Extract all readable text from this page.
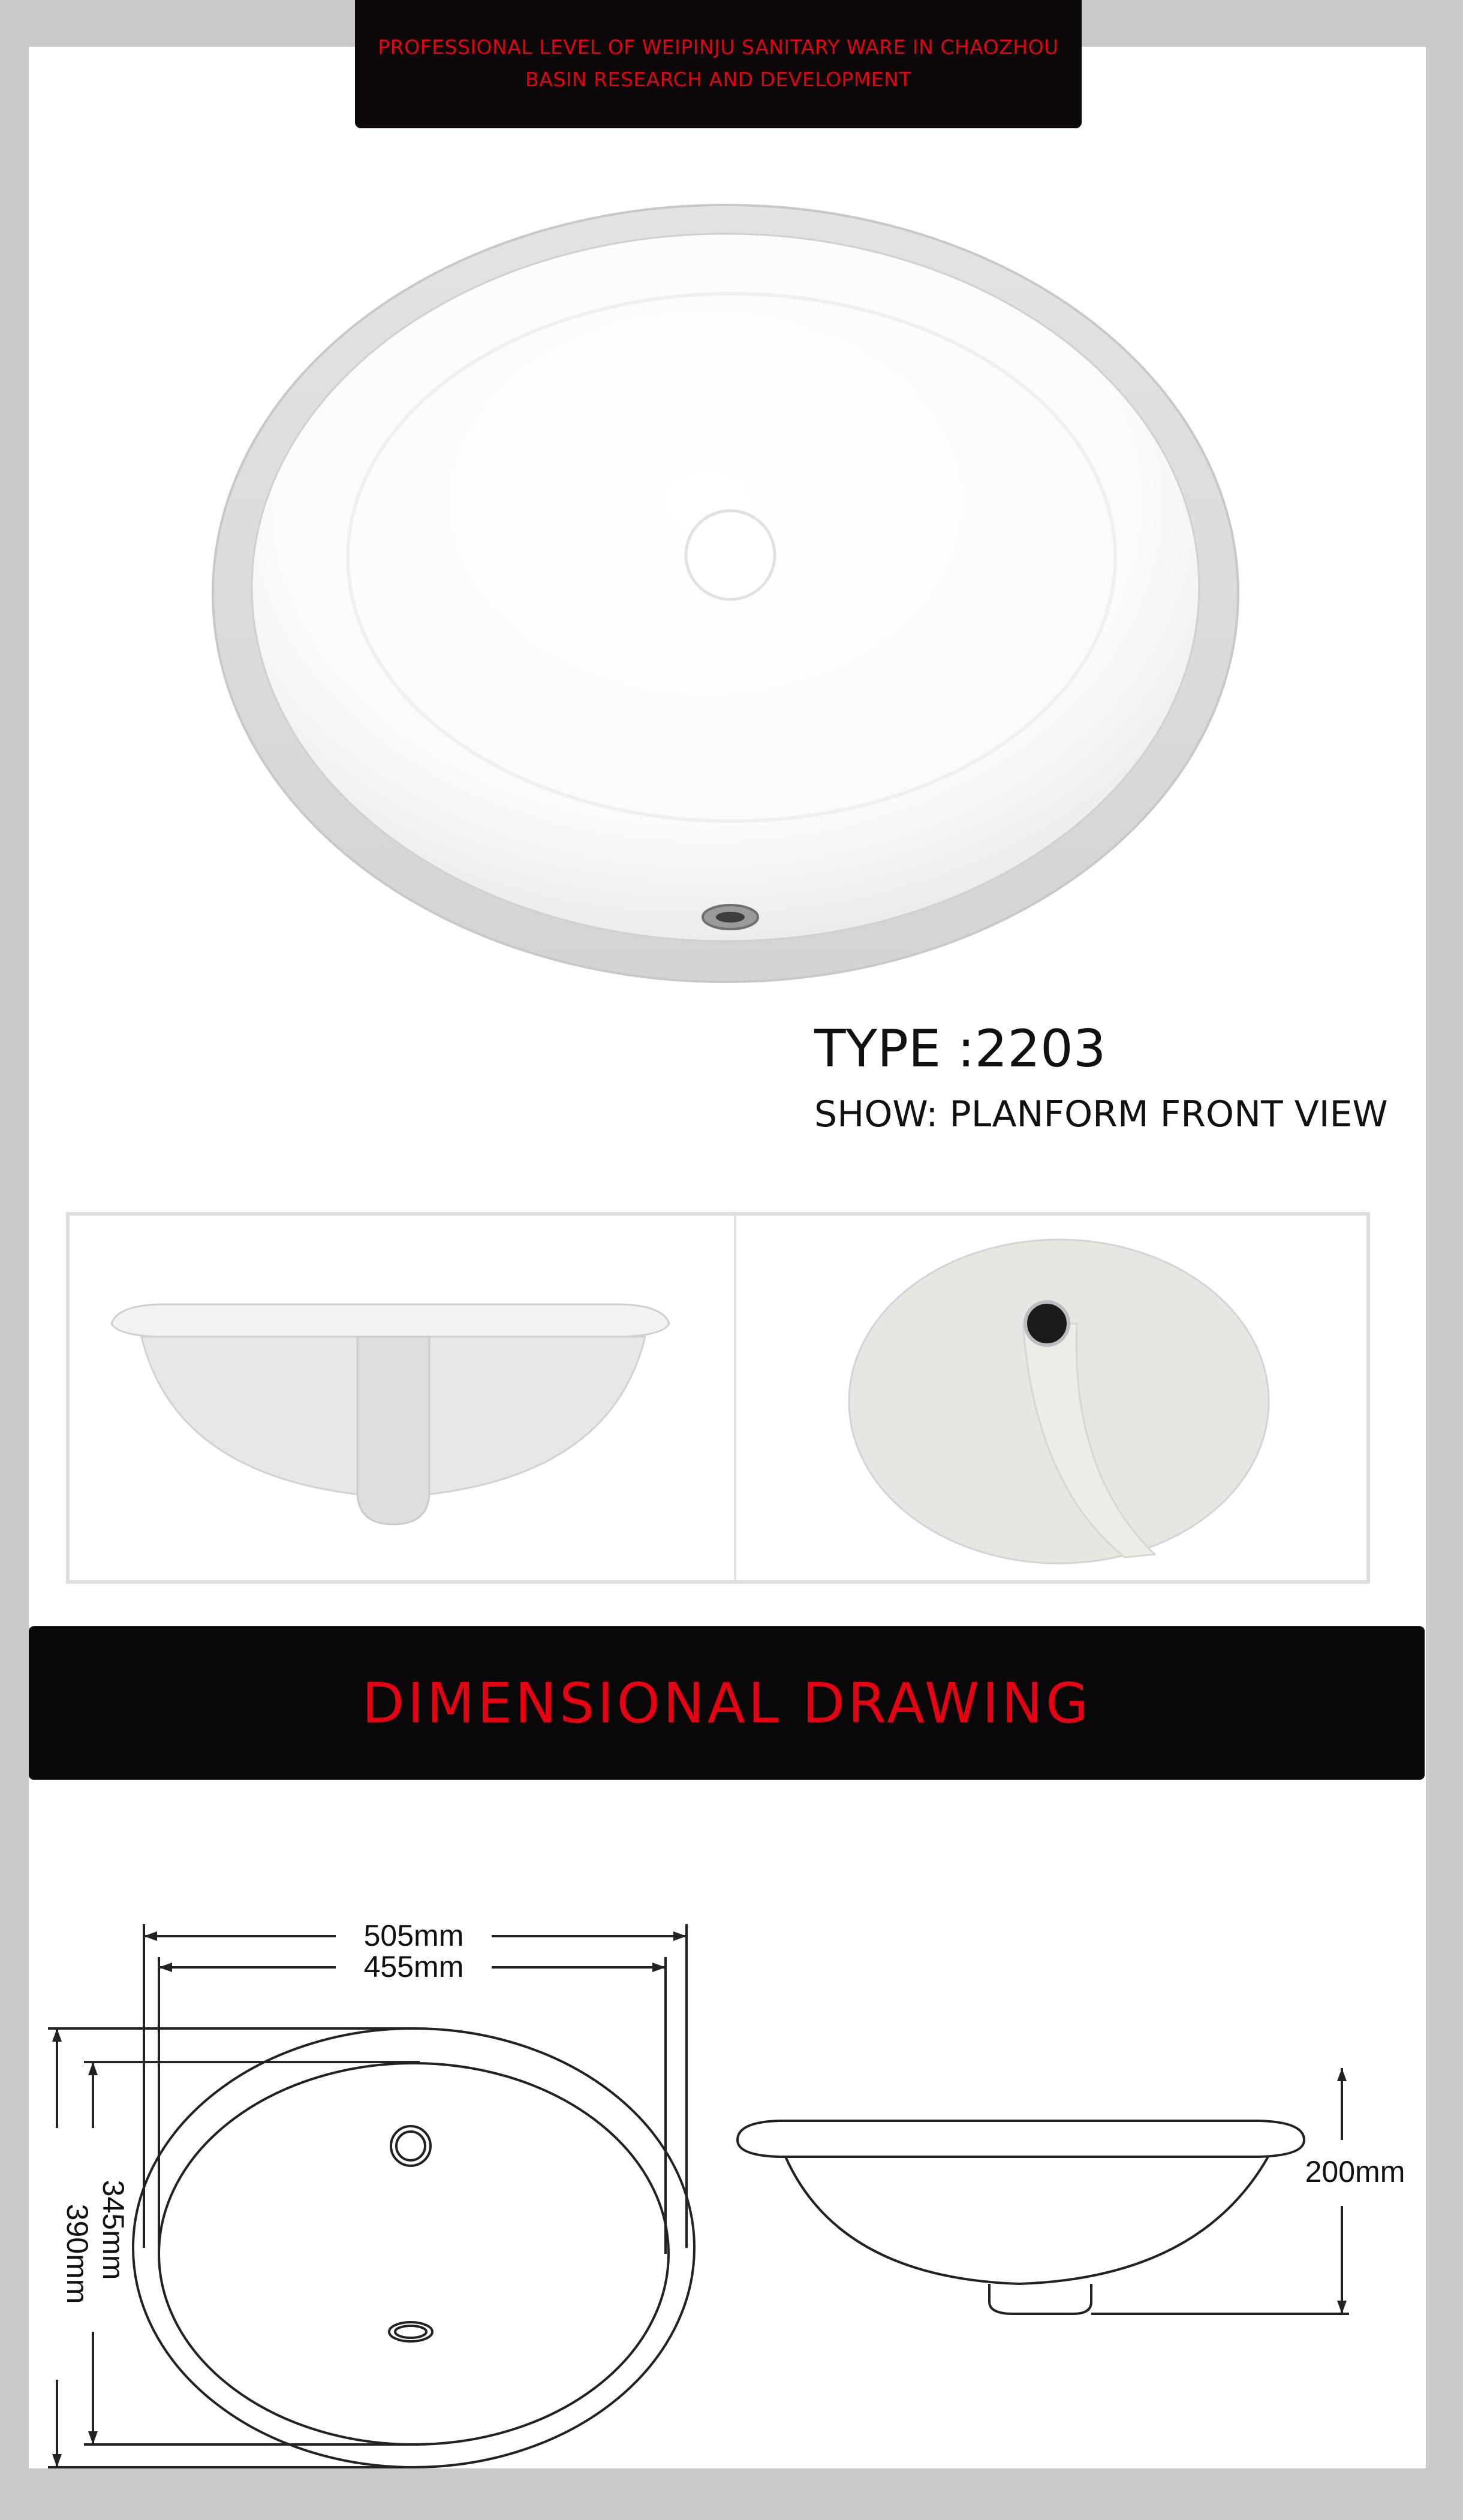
PROFESSIONAL LEVEL OF WEIPINJU SANITARY WARE IN CHAOZHOU
BASIN RESEARCH AND DEVELOPMENT
TYPE :2203
SHOW: PLANFORM FRONT VIEW
DIMENSIONAL DRAWING
505mm
455mm
390mm 345mm
200mm
